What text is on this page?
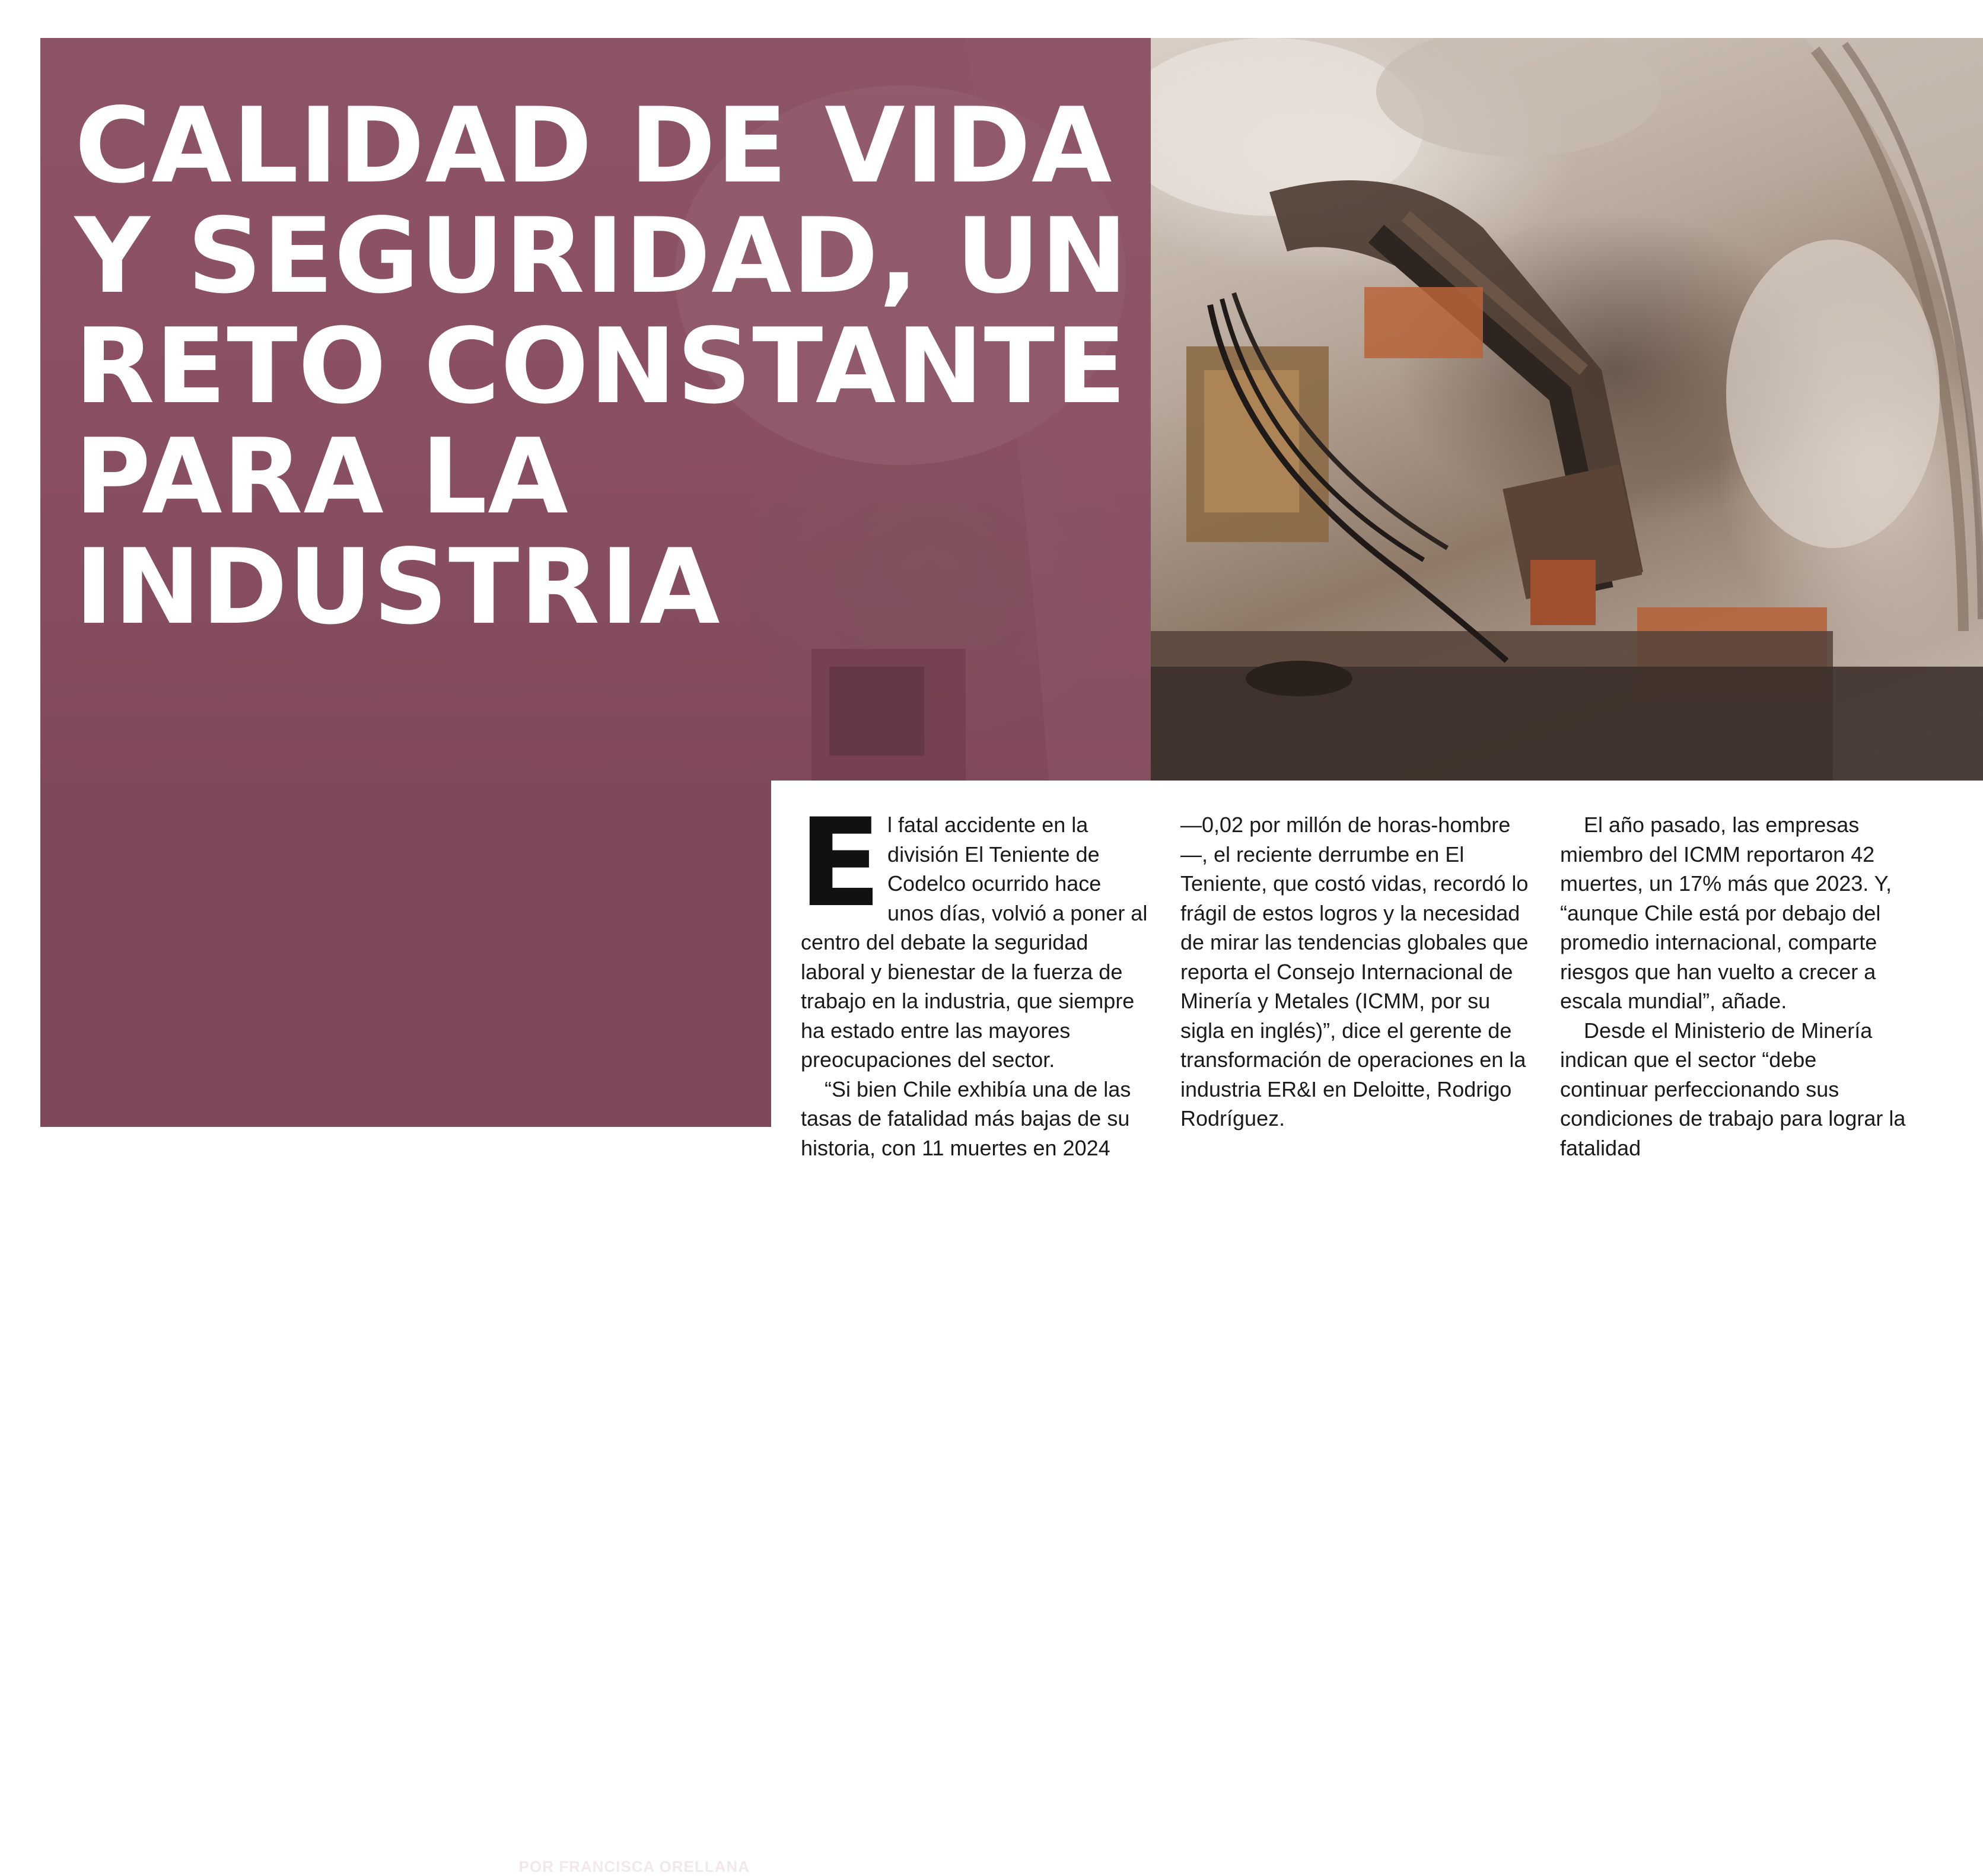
CALIDAD DE VIDA
Y SEGURIDAD, UN
RETO CONSTANTE
PARA LA
INDUSTRIA

Humanizar la cultura de seguridad y hacer parte a toda la cadena minera es parte del trabajo que la industria está desarrollando a través de protocolos y tecnología. Identificar los riesgos y prevenirlos, contraviniendo la naturaleza impredecible de las faenas, es el objetivo.

POR FRANCISCA ORELLANA
E l fatal accidente en la división El Teniente de Codelco ocurrido hace unos días, volvió a poner al centro del debate la seguridad laboral y bienestar de la fuerza de trabajo en la industria, que siempre ha estado entre las mayores preocupaciones del sector.

“Si bien Chile exhibía una de las tasas de fatalidad más bajas de su historia, con 11 muertes en 2024

—0,02 por millón de horas-hombre—, el reciente derrumbe en El Teniente, que costó vidas, recordó lo frágil de estos logros y la necesidad de mirar las tendencias globales que reporta el Consejo Internacional de Minería y Metales (ICMM, por su sigla en inglés)”, dice el gerente de transformación de operaciones en la industria ER&I en Deloitte, Rodrigo Rodríguez.

El año pasado, las empresas miembro del ICMM reportaron 42 muertes, un 17% más que 2023. Y, “aunque Chile está por debajo del promedio internacional, comparte riesgos que han vuelto a crecer a escala mundial”, añade.

Desde el Ministerio de Minería indican que el sector “debe continuar perfeccionando sus condiciones de trabajo para lograr la fatalidad
